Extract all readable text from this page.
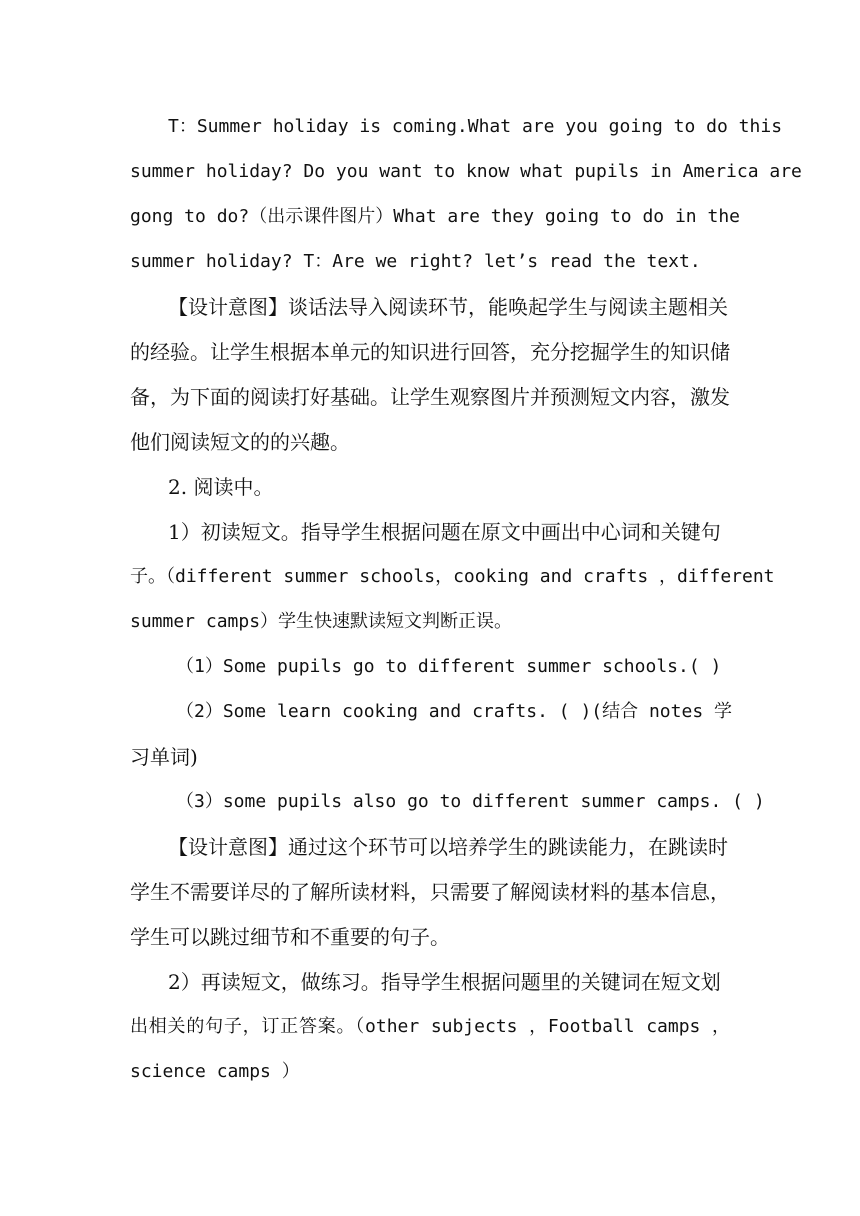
T：Summer holiday is coming.What are you going to do this
summer holiday? Do you want to know what pupils in America are
gong to do?（出示课件图片）What are they going to do in the
summer holiday? T：Are we right? let’s read the text.
【设计意图】谈话法导入阅读环节，能唤起学生与阅读主题相关
的经验。让学生根据本单元的知识进行回答，充分挖掘学生的知识储
备，为下面的阅读打好基础。让学生观察图片并预测短文内容，激发
他们阅读短文的的兴趣。
2. 阅读中。
1）初读短文。指导学生根据问题在原文中画出中心词和关键句
子。（different summer schools，cooking and crafts ，different
summer camps）学生快速默读短文判断正误。
（1）Some pupils go to different summer schools.( )
（2）Some learn cooking and crafts. ( )(结合 notes 学
习单词)
（3）some pupils also go to different summer camps. ( )
【设计意图】通过这个环节可以培养学生的跳读能力，在跳读时
学生不需要详尽的了解所读材料，只需要了解阅读材料的基本信息，
学生可以跳过细节和不重要的句子。
2）再读短文，做练习。指导学生根据问题里的关键词在短文划
出相关的句子，订正答案。（other subjects ，Football camps ，
science camps ）
